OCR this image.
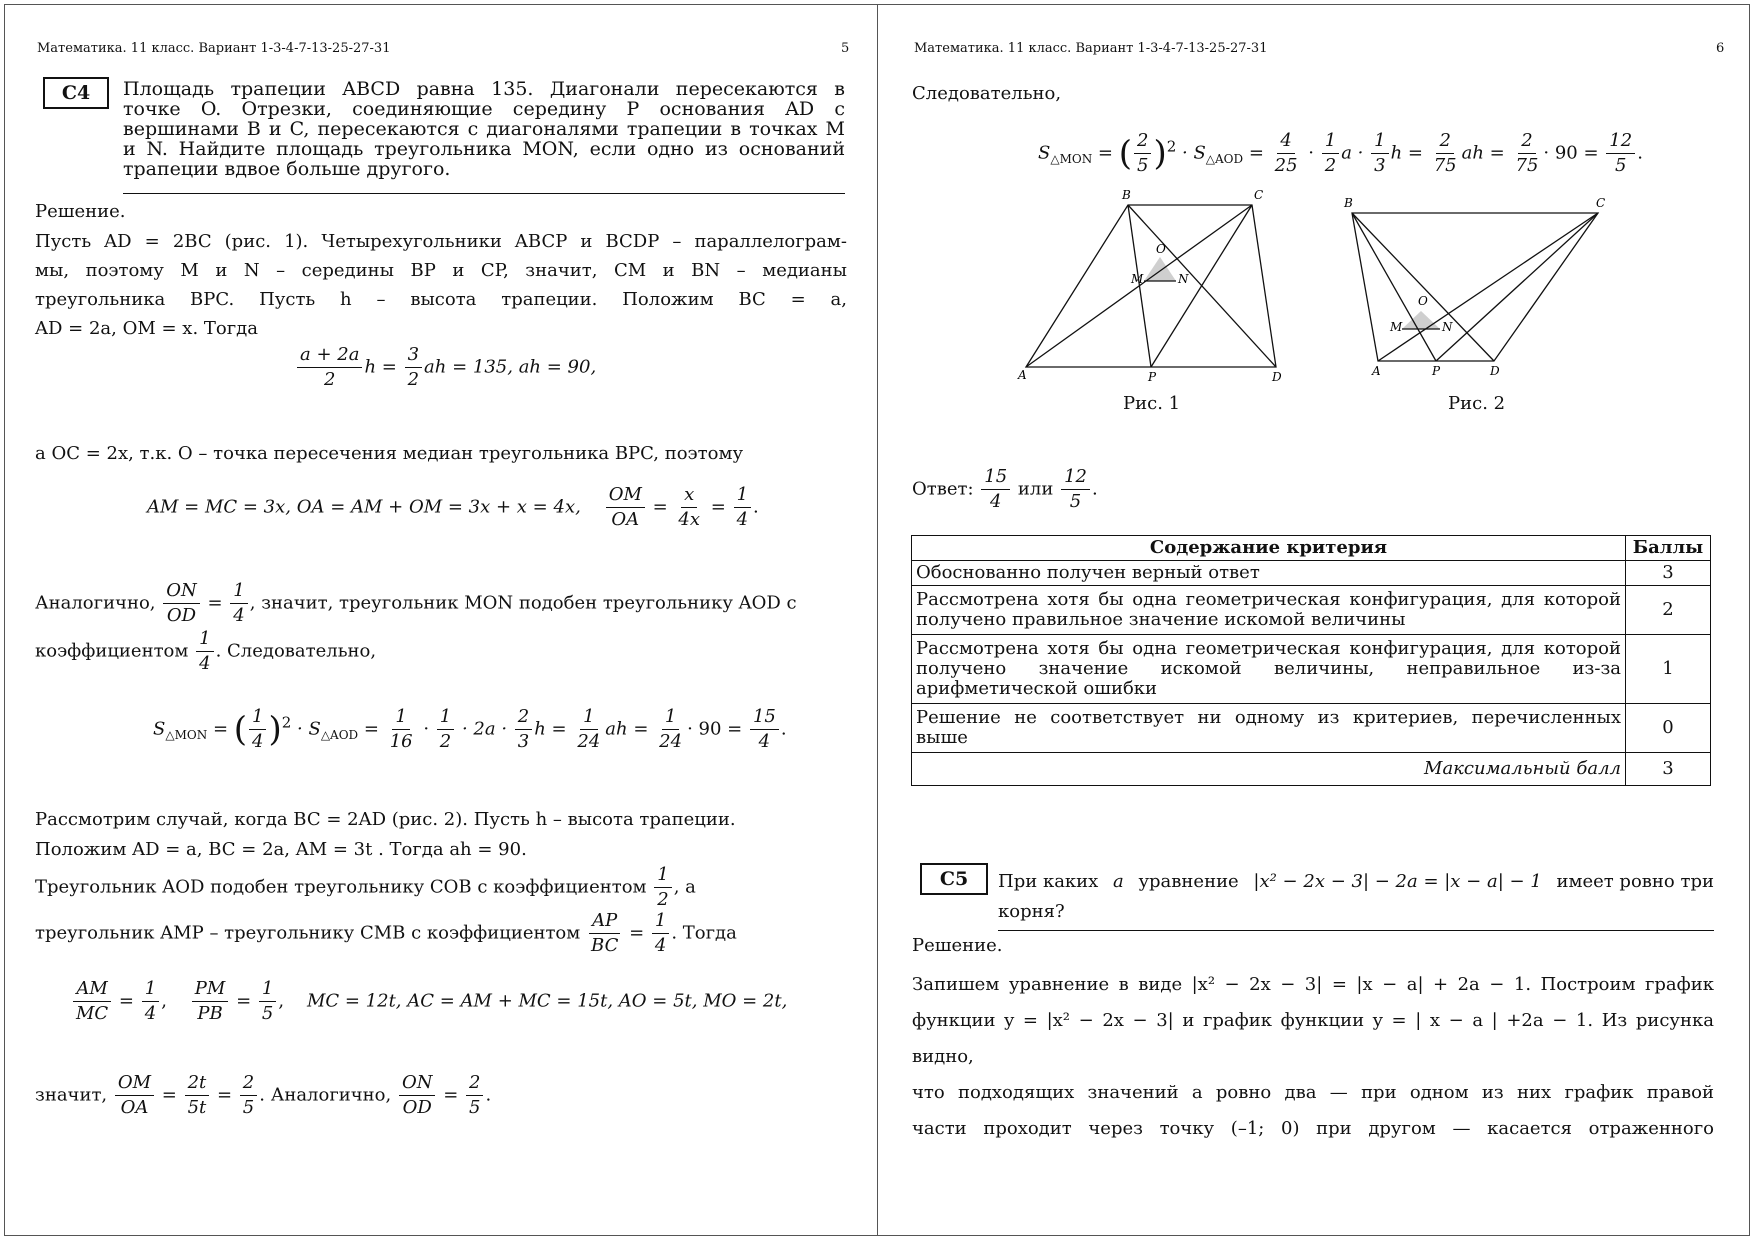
Математика. 11 класс. Вариант 1-3-4-7-13-25-27-31	5
C4	Площадь трапеции ABCD равна 135. Диагонали пересекаются в
точке O. Отрезки, соединяющие середину P основания AD с
вершинами B и C, пересекаются с диагоналями трапеции в точках M
и N. Найдите площадь треугольника MON, если одно из оснований
трапеции вдвое больше другого.
Решение.
Пусть AD = 2BC (рис. 1). Четырехугольники ABCP и BCDP – параллелограм-
мы, поэтому M и N – середины BP и CP, значит, CM и BN – медианы
треугольника BPC. Пусть h – высота трапеции. Положим BC = a,
AD = 2a, OM = x. Тогда
$\frac{a + 2a}{2}$ $h = \frac{3}{2}$ ah = 135, ah = 90,
а OC = 2x, т.к. O – точка пересечения медиан треугольника BPC, поэтому
AM = MC = 3x, OA = AM + OM = 3x + x = 4x, $\frac{OM}{OA} = \frac{x}{4x} = \frac{1}{4}$ .
Аналогично, $\frac{ON}{OD} = \frac{1}{4}$ , значит, треугольник MON подобен треугольнику AOD с
коэффициентом $\frac{1}{4}$ . Следовательно,
$S_{\triangle MON}$ = ( $\frac{1}{4} )^2 \cdot S_{\triangle AOD} = \frac{1}{16} \cdot \frac{1}{2} \cdot 2a \cdot \frac{2}{3}$ $h = \frac{1}{24}$ ah = $\frac{1}{24} \cdot 90 = \frac{15}{4}$ .
Рассмотрим случай, когда BC = 2AD (рис. 2). Пусть h – высота трапеции.
Положим AD = a, BC = 2a, AM = 3t . Тогда ah = 90.
Треугольник AOD подобен треугольнику COB с коэффициентом $\frac{1}{2}$ , а
треугольник AMP – треугольнику CMB с коэффициентом $\frac{AP}{BC} = \frac{1}{4}$ . Тогда
$\frac{AM}{MC} = \frac{1}{4}$ , $\frac{PM}{PB} = \frac{1}{5}$ ,    MC = 12t, AC = AM + MC = 15t, AO = 5t, MO = 2t,
значит, $\frac{OM}{OA} = \frac{2t}{5t} = \frac{2}{5}$ . Аналогично, $\frac{ON}{OD} = \frac{2}{5}$ .
Математика. 11 класс. Вариант 1-3-4-7-13-25-27-31	6
Следовательно,
$S_{\triangle MON}$ = ( $\frac{2}{5} )^2 \cdot S_{\triangle AOD} = \frac{4}{25} \cdot \frac{1}{2}$ $a \cdot \frac{1}{3}$ $h = \frac{2}{75}$ ah = $\frac{2}{75} \cdot 90 = \frac{12}{5}$ .
A
B	C
D
P
M	N
O
Рис. 1
B	C
A	P	D
M	N
O
Рис. 2
Ответ: $\frac{15}{4}$ или $\frac{12}{5}$ .
Содержание критерия	Баллы
Обоснованно получен верный ответ	3
Рассмотрена хотя бы одна геометрическая конфигурация, для которой получено правильное значение искомой величины	2
Рассмотрена хотя бы одна геометрическая конфигурация, для которой получено значение искомой величины, неправильное из-за арифметической ошибки	1
Решение не соответствует ни одному из критериев, перечисленных выше	0
Максимальный балл	3
C5	При каких a уравнение |x² − 2x − 3| − 2a = |x − a| − 1 имеет ровно три
корня?
Решение.
Запишем уравнение в виде |x² − 2x − 3| = |x − a| + 2a − 1. Построим график
функции y = |x² − 2x − 3| и график функции y = | x − a | +2a − 1. Из рисунка видно,
что подходящих значений a ровно два — при одном из них график правой
части проходит через точку (–1; 0) при другом — касается отраженного
